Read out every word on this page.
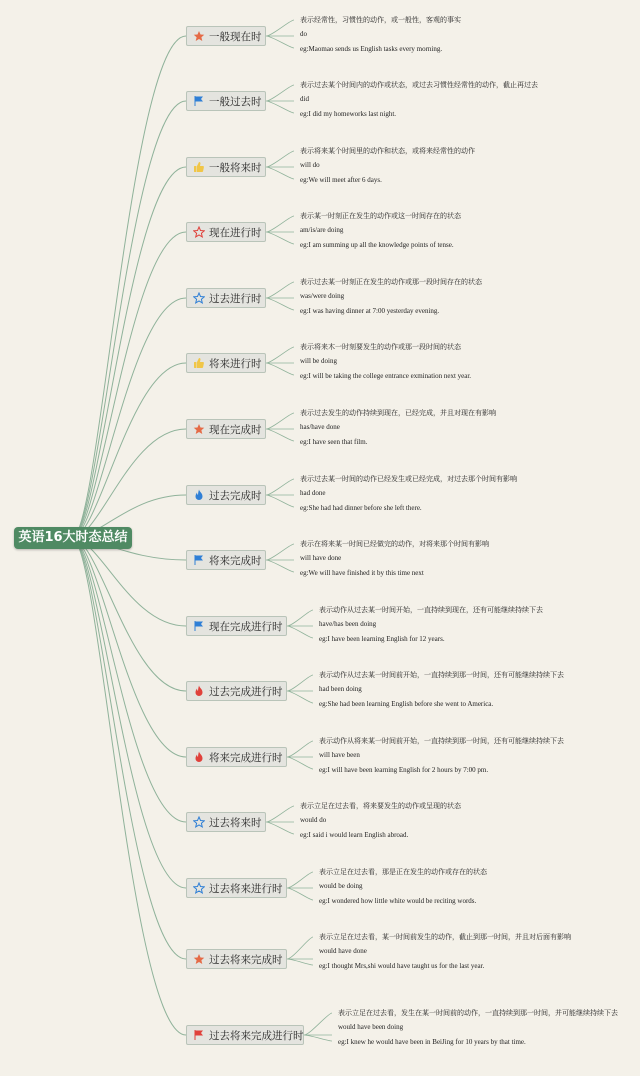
英语16大时态总结
一般现在时
表示经常性，习惯性的动作，或一般性，客观的事实
do
eg:Maomao sends us English tasks every morning.
一般过去时
表示过去某个时间内的动作或状态，或过去习惯性经常性的动作，截止再过去
did
eg:I did my homeworks last night.
一般将来时
表示将来某个时间里的动作和状态，或将来经常性的动作
will do
eg:We will meet after 6 days.
现在进行时
表示某一时刻正在发生的动作或这一时间存在的状态
am/is/are doing
eg:I am summing up all the knowledge points of tense.
过去进行时
表示过去某一时刻正在发生的动作或那一段时间存在的状态
was/were doing
eg:I was having dinner at 7:00 yesterday evening.
将来进行时
表示将来木一时刻要发生的动作或那一段时间的状态
will be doing
eg:I will be taking the college entrance exmination next year.
现在完成时
表示过去发生的动作持续到现在，已经完成，并且对现在有影响
has/have done
eg:I have seen that film.
过去完成时
表示过去某一时间的动作已经发生或已经完成，对过去那个时间有影响
had done
eg:She had had dinner before she left there.
将来完成时
表示在将来某一时间已经做完的动作，对将来那个时间有影响
will have done
eg:We will have finished it by this time next
现在完成进行时
表示动作从过去某一时间开始，一直持续到现在，还有可能继续持续下去
have/has been doing
eg:I have been learning English for 12 years.
过去完成进行时
表示动作从过去某一时间前开始，一直持续到那一时间，还有可能继续持续下去
had been doing
eg:She had been learning English before she went to America.
将来完成进行时
表示动作从将来某一时间前开始，一直持续到那一时间，还有可能继续持续下去
will have been
eg:I will have been learning English for 2 hours by 7:00 pm.
过去将来时
表示立足在过去看，将来要发生的动作或呈现的状态
would do
eg:I said i would learn English abroad.
过去将来进行时
表示立足在过去看，那是正在发生的动作或存在的状态
would be doing
eg:I wondered how little white would be reciting words.
过去将来完成时
表示立足在过去看，某一时间前发生的动作，截止到那一时间，并且对后面有影响
would have done
eg:I thought Mrs,shi would have taught us for the last year.
过去将来完成进行时
表示立足在过去看，发生在某一时间前的动作，一直持续到那一时间，并可能继续持续下去
would have been doing
eg:I knew he would have been in BeiJing for 10 years by that time.
